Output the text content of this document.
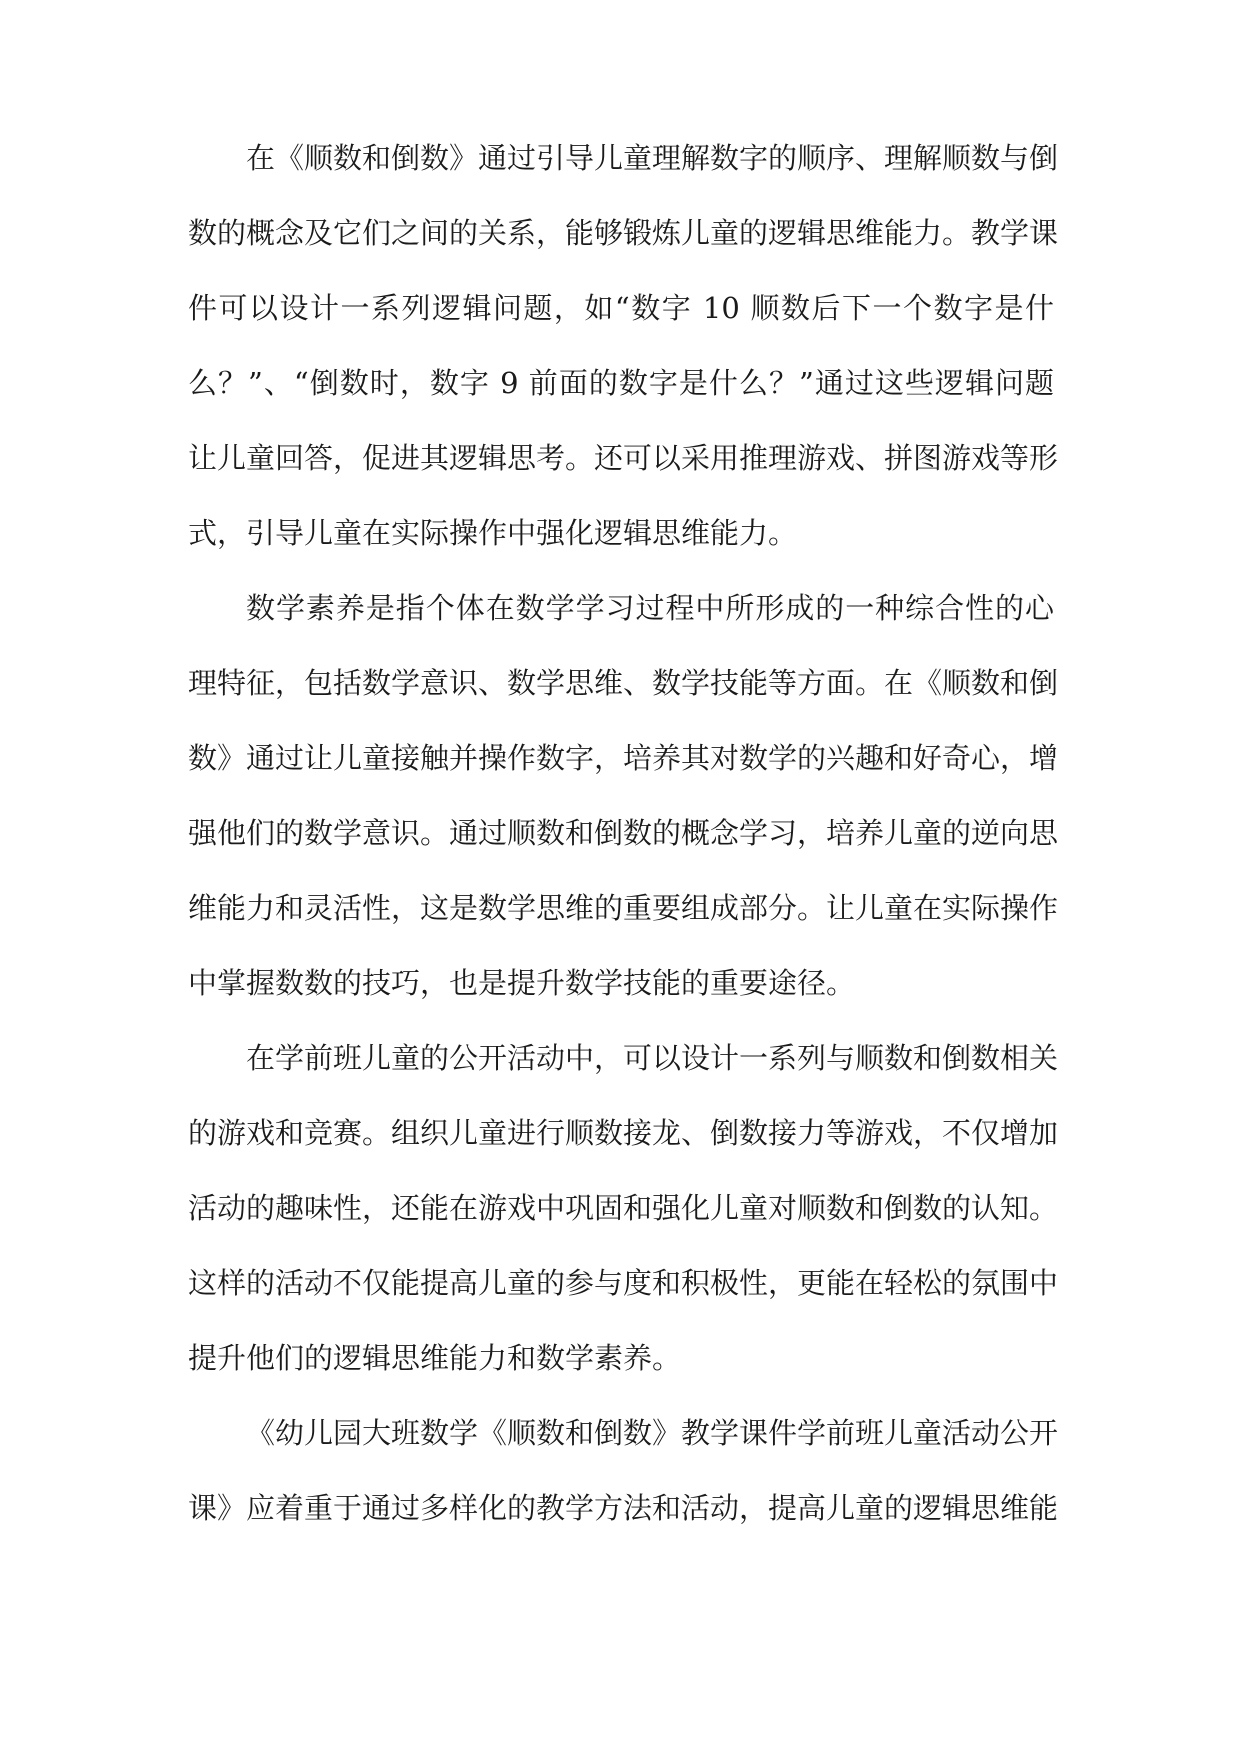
在《顺数和倒数》通过引导儿童理解数字的顺序、理解顺数与倒
数的概念及它们之间的关系，能够锻炼儿童的逻辑思维能力。教学课
件可以设计一系列逻辑问题，如“数字 10 顺数后下一个数字是什
么？”、“倒数时，数字 9 前面的数字是什么？”通过这些逻辑问题
让儿童回答，促进其逻辑思考。还可以采用推理游戏、拼图游戏等形
式，引导儿童在实际操作中强化逻辑思维能力。
数学素养是指个体在数学学习过程中所形成的一种综合性的心
理特征，包括数学意识、数学思维、数学技能等方面。在《顺数和倒
数》通过让儿童接触并操作数字，培养其对数学的兴趣和好奇心，增
强他们的数学意识。通过顺数和倒数的概念学习，培养儿童的逆向思
维能力和灵活性，这是数学思维的重要组成部分。让儿童在实际操作
中掌握数数的技巧，也是提升数学技能的重要途径。
在学前班儿童的公开活动中，可以设计一系列与顺数和倒数相关
的游戏和竞赛。组织儿童进行顺数接龙、倒数接力等游戏，不仅增加
活动的趣味性，还能在游戏中巩固和强化儿童对顺数和倒数的认知。
这样的活动不仅能提高儿童的参与度和积极性，更能在轻松的氛围中
提升他们的逻辑思维能力和数学素养。
《幼儿园大班数学《顺数和倒数》教学课件学前班儿童活动公开
课》应着重于通过多样化的教学方法和活动，提高儿童的逻辑思维能
